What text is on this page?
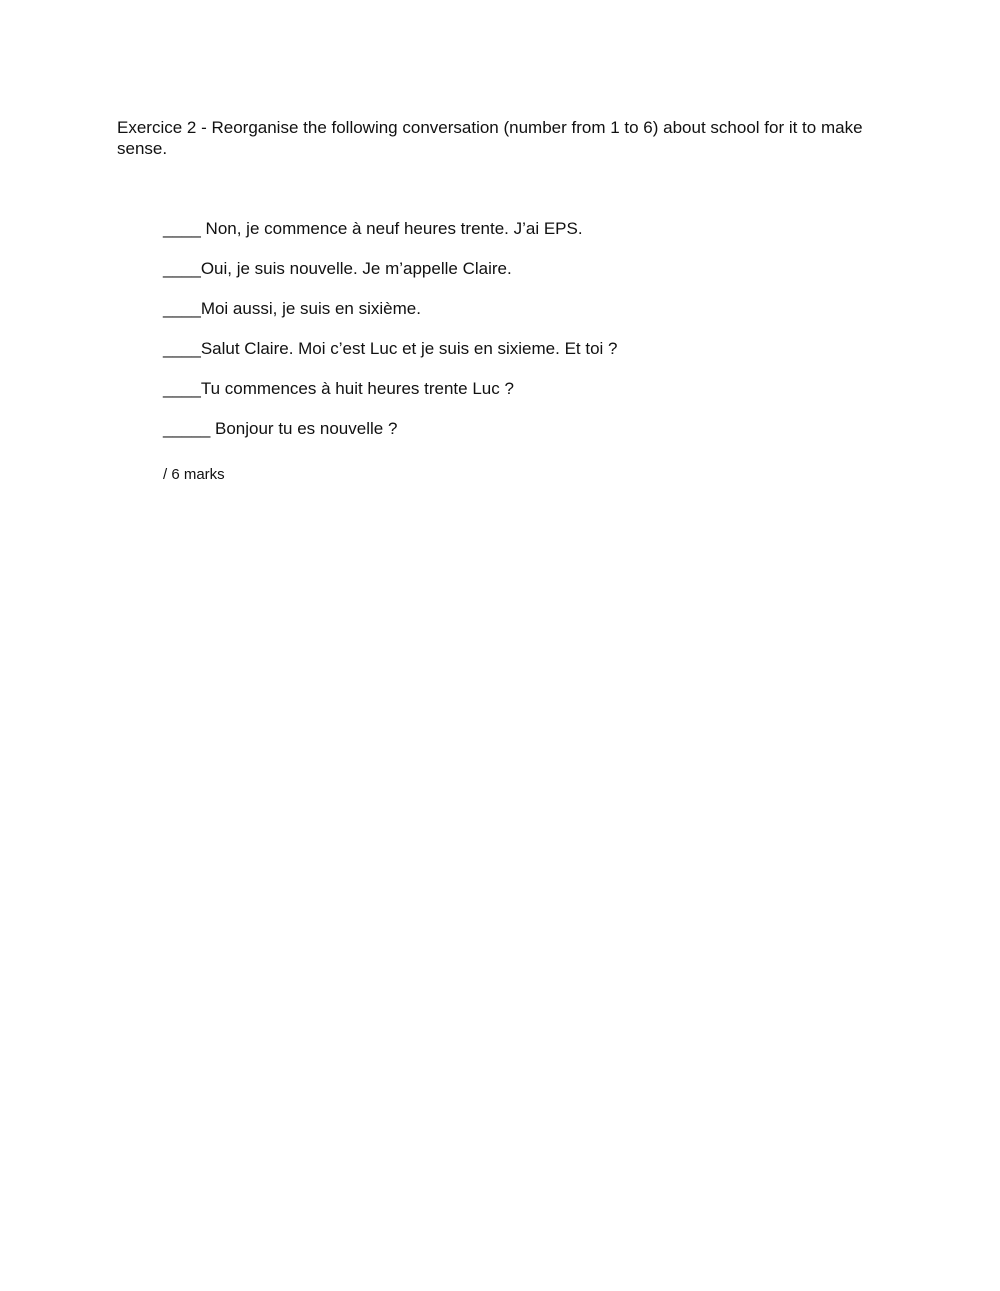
Exercice 2 - Reorganise the following conversation (number from 1 to 6) about school for it to make sense.

____ Non, je commence à neuf heures trente. J’ai EPS.
____Oui, je suis nouvelle. Je m’appelle Claire.
____Moi aussi, je suis en sixième.
____Salut Claire. Moi c’est Luc et je suis en sixieme. Et toi ?
____Tu commences à huit heures trente Luc ?
_____ Bonjour tu es nouvelle ?

/ 6 marks
